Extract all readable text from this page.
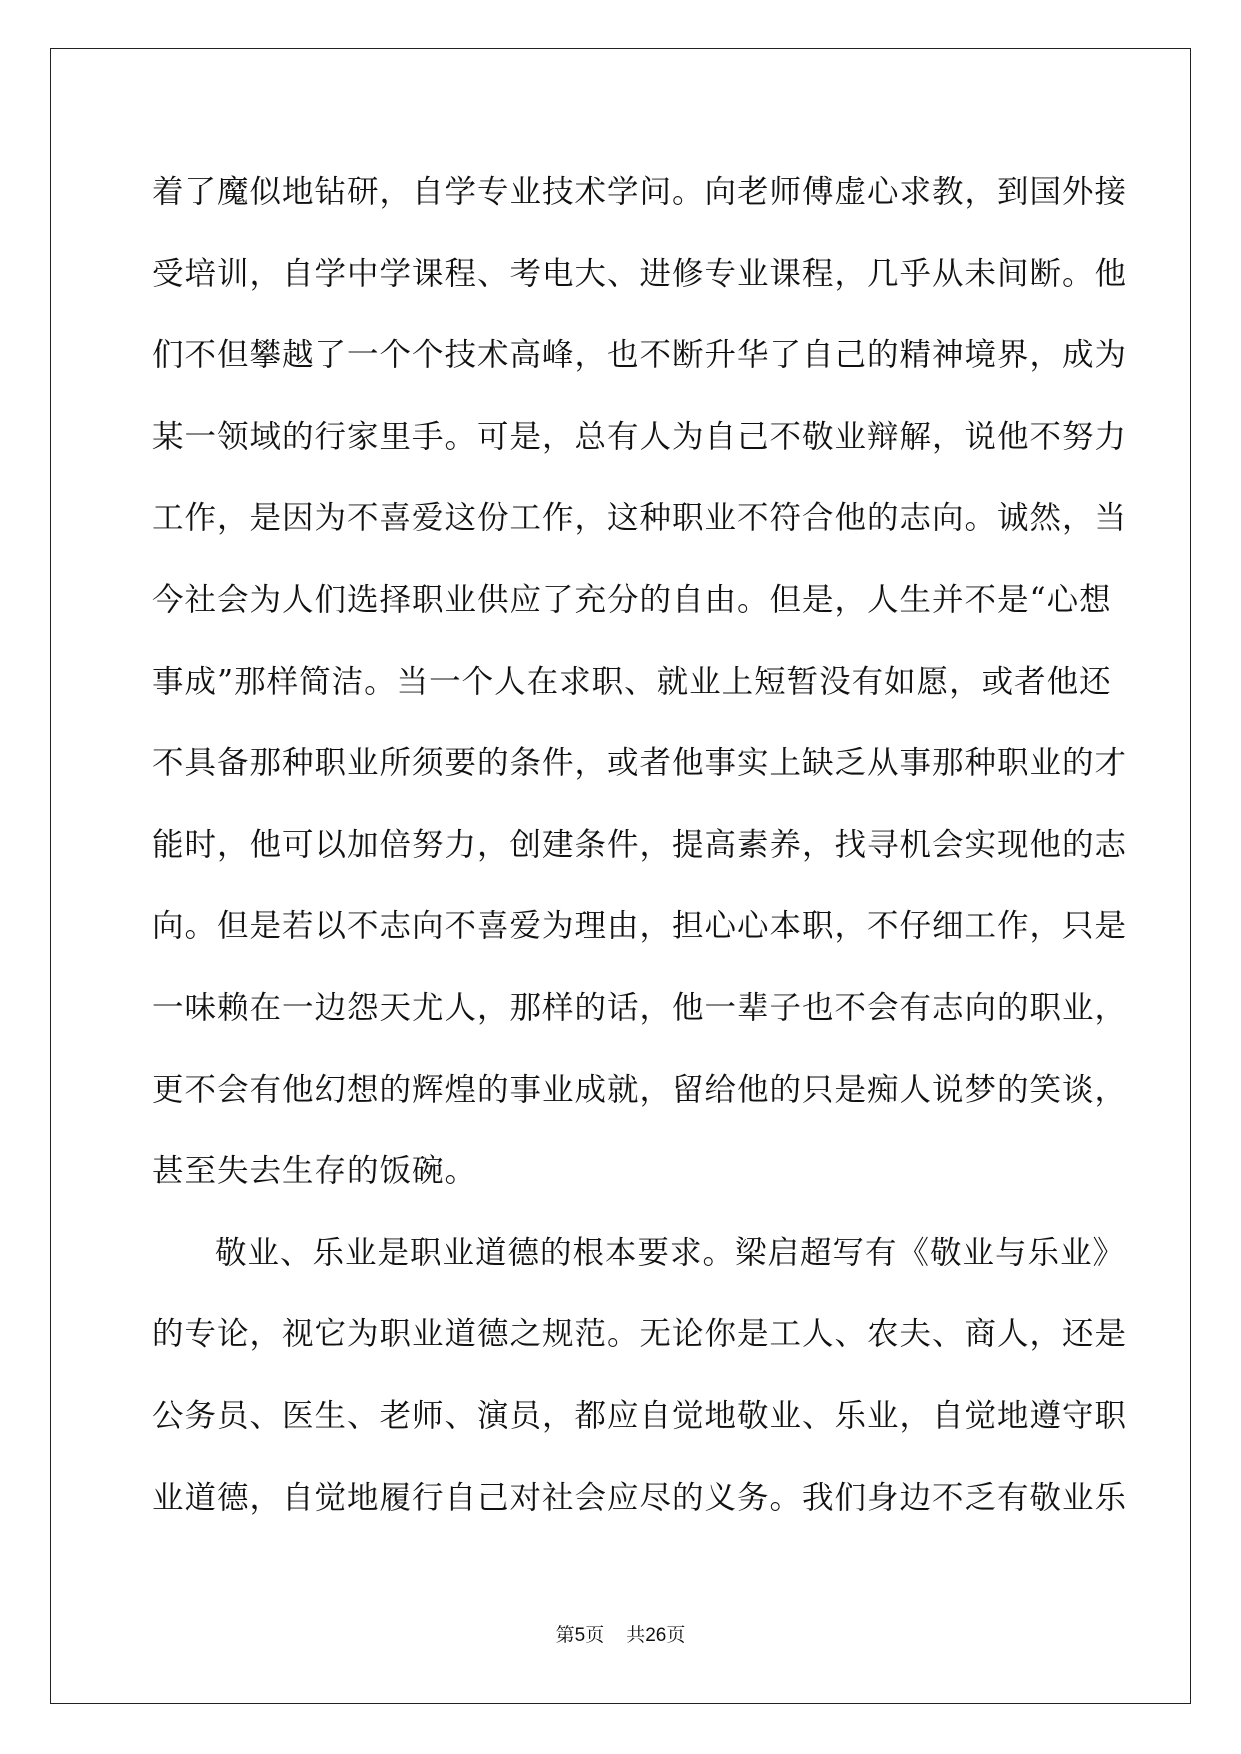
着了魔似地钻研，自学专业技术学问。向老师傅虚心求教，到国外接
受培训，自学中学课程、考电大、进修专业课程，几乎从未间断。他
们不但攀越了一个个技术高峰，也不断升华了自己的精神境界，成为
某一领域的行家里手。可是，总有人为自己不敬业辩解，说他不努力
工作，是因为不喜爱这份工作，这种职业不符合他的志向。诚然，当
今社会为人们选择职业供应了充分的自由。但是，人生并不是“心想
事成”那样简洁。当一个人在求职、就业上短暂没有如愿，或者他还
不具备那种职业所须要的条件，或者他事实上缺乏从事那种职业的才
能时，他可以加倍努力，创建条件，提高素养，找寻机会实现他的志
向。但是若以不志向不喜爱为理由，担心心本职，不仔细工作，只是
一味赖在一边怨天尤人，那样的话，他一辈子也不会有志向的职业，
更不会有他幻想的辉煌的事业成就，留给他的只是痴人说梦的笑谈，
甚至失去生存的饭碗。
敬业、乐业是职业道德的根本要求。梁启超写有《敬业与乐业》
的专论，视它为职业道德之规范。无论你是工人、农夫、商人，还是
公务员、医生、老师、演员，都应自觉地敬业、乐业，自觉地遵守职
业道德，自觉地履行自己对社会应尽的义务。我们身边不乏有敬业乐
第5页 共26页
